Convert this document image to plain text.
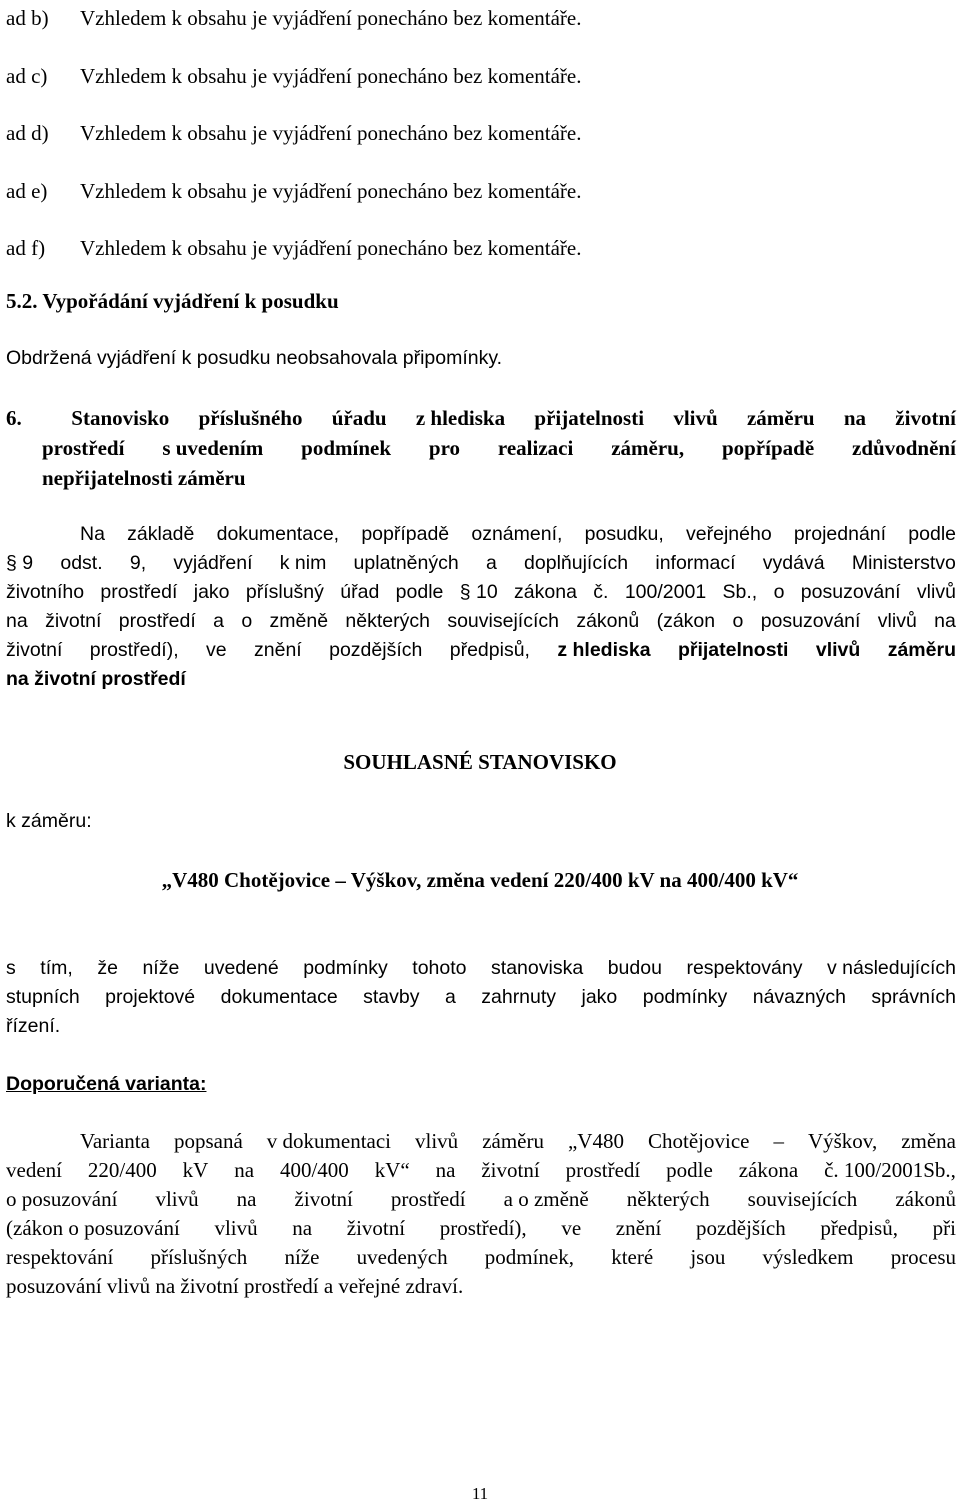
ad b) Vzhledem k obsahu je vyjádření ponecháno bez komentáře.
ad c) Vzhledem k obsahu je vyjádření ponecháno bez komentáře.
ad d) Vzhledem k obsahu je vyjádření ponecháno bez komentáře.
ad e) Vzhledem k obsahu je vyjádření ponecháno bez komentáře.
ad f) Vzhledem k obsahu je vyjádření ponecháno bez komentáře.
5.2. Vypořádání vyjádření k posudku
Obdržená vyjádření k posudku neobsahovala připomínky.
6.	Stanovisko příslušného úřadu z hlediska přijatelnosti vlivů záměru na životní
prostředí s uvedením podmínek pro realizaci záměru, popřípadě zdůvodnění
nepřijatelnosti záměru
Na základě dokumentace, popřípadě oznámení, posudku, veřejného projednání podle
§ 9 odst. 9, vyjádření k nim uplatněných a doplňujících informací vydává Ministerstvo
životního prostředí jako příslušný úřad podle § 10 zákona č. 100/2001 Sb., o posuzování vlivů
na životní prostředí a o změně některých souvisejících zákonů (zákon o posuzování vlivů na
životní prostředí), ve znění pozdějších předpisů, z hlediska přijatelnosti vlivů záměru
na životní prostředí
SOUHLASNÉ STANOVISKO
k záměru:
„V480 Chotějovice – Výškov, změna vedení 220/400 kV na 400/400 kV“
s tím, že níže uvedené podmínky tohoto stanoviska budou respektovány v následujících
stupních projektové dokumentace stavby a zahrnuty jako podmínky návazných správních
řízení.
Doporučená varianta:
Varianta popsaná v dokumentaci vlivů záměru „V480 Chotějovice – Výškov, změna
vedení 220/400 kV na 400/400 kV“ na životní prostředí podle zákona č. 100/2001Sb.,
o posuzování vlivů na životní prostředí a o změně některých souvisejících zákonů
(zákon o posuzování vlivů na životní prostředí), ve znění pozdějších předpisů, při
respektování příslušných níže uvedených podmínek, které jsou výsledkem procesu
posuzování vlivů na životní prostředí a veřejné zdraví.
11
